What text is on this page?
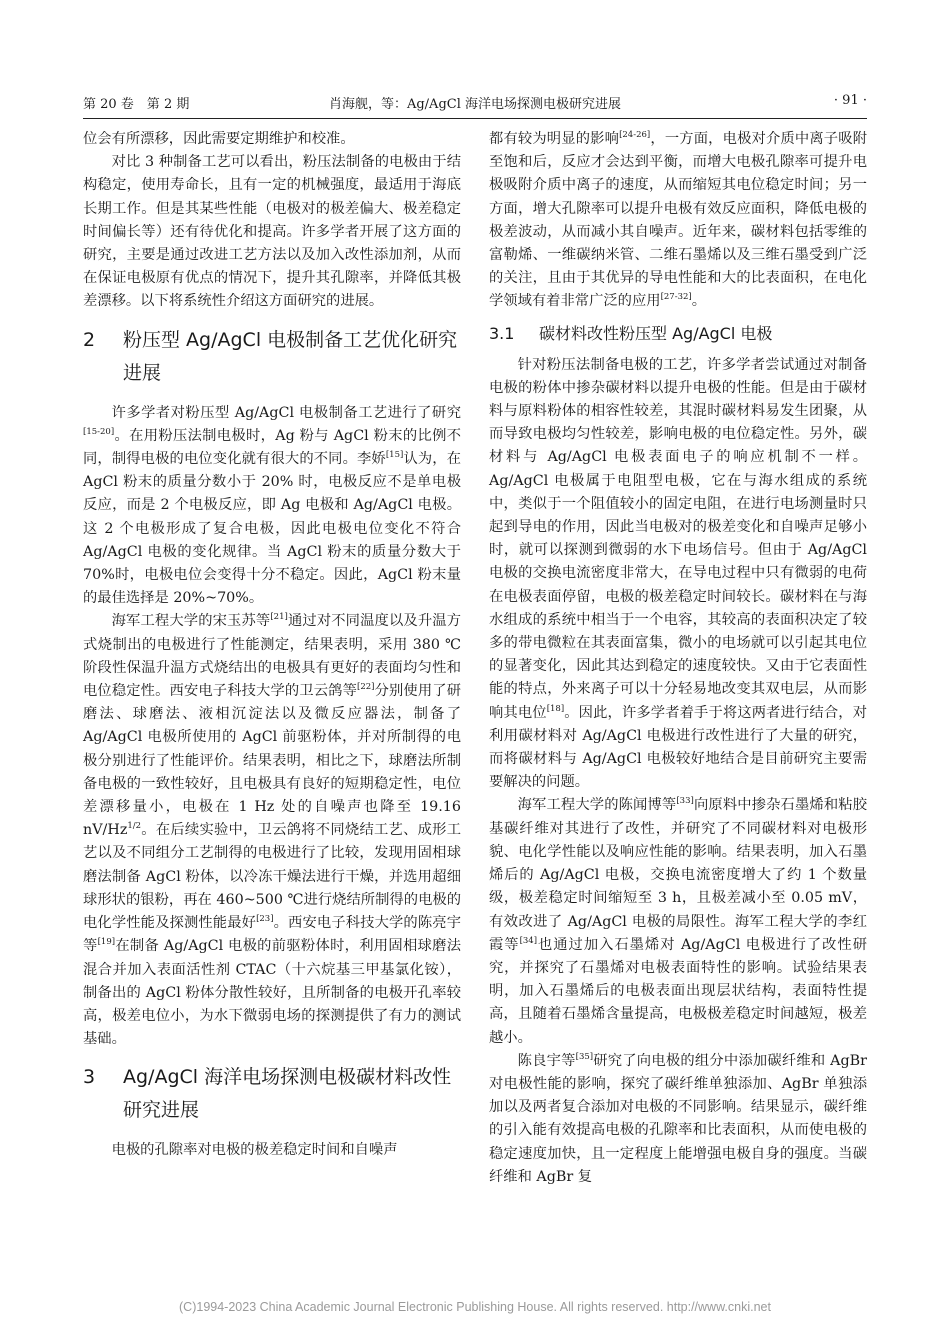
肖海舰，等：Ag/AgCl 海洋电场探测电极研究进展
第 20 卷　第 2 期	· 91 ·

位会有所漂移，因此需要定期维护和校准。

对比 3 种制备工艺可以看出，粉压法制备的电极由于结构稳定，使用寿命长，且有一定的机械强度，最适用于海底长期工作。但是其某些性能（电极对的极差偏大、极差稳定时间偏长等）还有待优化和提高。许多学者开展了这方面的研究，主要是通过改进工艺方法以及加入改性添加剂，从而在保证电极原有优点的情况下，提升其孔隙率，并降低其极差漂移。以下将系统性介绍这方面研究的进展。

2	粉压型 Ag/AgCl 电极制备工艺优化研究进展

许多学者对粉压型 Ag/AgCl 电极制备工艺进行了研究[15-20]。在用粉压法制电极时，Ag 粉与 AgCl 粉末的比例不同，制得电极的电位变化就有很大的不同。李娇[15]认为，在 AgCl 粉末的质量分数小于 20% 时，电极反应不是单电极反应，而是 2 个电极反应，即 Ag 电极和 Ag/AgCl 电极。这 2 个电极形成了复合电极，因此电极电位变化不符合 Ag/AgCl 电极的变化规律。当 AgCl 粉末的质量分数大于 70%时，电极电位会变得十分不稳定。因此，AgCl 粉末量的最佳选择是 20%~70%。

海军工程大学的宋玉苏等[21]通过对不同温度以及升温方式烧制出的电极进行了性能测定，结果表明，采用 380 ℃阶段性保温升温方式烧结出的电极具有更好的表面均匀性和电位稳定性。西安电子科技大学的卫云鸽等[22]分别使用了研磨法、球磨法、液相沉淀法以及微反应器法，制备了 Ag/AgCl 电极所使用的 AgCl 前驱粉体，并对所制得的电极分别进行了性能评价。结果表明，相比之下，球磨法所制备电极的一致性较好，且电极具有良好的短期稳定性，电位差漂移量小，电极在 1 Hz 处的自噪声也降至 19.16 $nV/Hz^{1/2}$。在后续实验中，卫云鸽将不同烧结工艺、成形工艺以及不同组分工艺制得的电极进行了比较，发现用固相球磨法制备 AgCl 粉体，以冷冻干燥法进行干燥，并选用超细球形状的银粉，再在 460~500 ℃进行烧结所制得的电极的电化学性能及探测性能最好[23]。西安电子科技大学的陈亮宇等[19]在制备 Ag/AgCl 电极的前驱粉体时，利用固相球磨法混合并加入表面活性剂 CTAC（十六烷基三甲基氯化铵），制备出的 AgCl 粉体分散性较好，且所制备的电极开孔率较高，极差电位小，为水下微弱电场的探测提供了有力的测试基础。

3	Ag/AgCl 海洋电场探测电极碳材料改性研究进展

电极的孔隙率对电极的极差稳定时间和自噪声

都有较为明显的影响[24-26]，一方面，电极对介质中离子吸附至饱和后，反应才会达到平衡，而增大电极孔隙率可提升电极吸附介质中离子的速度，从而缩短其电位稳定时间；另一方面，增大孔隙率可以提升电极有效反应面积，降低电极的极差波动，从而减小其自噪声。近年来，碳材料包括零维的富勒烯、一维碳纳米管、二维石墨烯以及三维石墨受到广泛的关注，且由于其优异的导电性能和大的比表面积，在电化学领域有着非常广泛的应用[27-32]。

3.1	碳材料改性粉压型 Ag/AgCl 电极

针对粉压法制备电极的工艺，许多学者尝试通过对制备电极的粉体中掺杂碳材料以提升电极的性能。但是由于碳材料与原料粉体的相容性较差，其混时碳材料易发生团聚，从而导致电极均匀性较差，影响电极的电位稳定性。另外，碳材料与 Ag/AgCl 电极表面电子的响应机制不一样。Ag/AgCl 电极属于电阻型电极，它在与海水组成的系统中，类似于一个阻值较小的固定电阻，在进行电场测量时只起到导电的作用，因此当电极对的极差变化和自噪声足够小时，就可以探测到微弱的水下电场信号。但由于 Ag/AgCl 电极的交换电流密度非常大，在导电过程中只有微弱的电荷在电极表面停留，电极的极差稳定时间较长。碳材料在与海水组成的系统中相当于一个电容，其较高的表面积决定了较多的带电微粒在其表面富集，微小的电场就可以引起其电位的显著变化，因此其达到稳定的速度较快。又由于它表面性能的特点，外来离子可以十分轻易地改变其双电层，从而影响其电位[18]。因此，许多学者着手于将这两者进行结合，对利用碳材料对 Ag/AgCl 电极进行改性进行了大量的研究，而将碳材料与 Ag/AgCl 电极较好地结合是目前研究主要需要解决的问题。

海军工程大学的陈闻博等[33]向原料中掺杂石墨烯和粘胶基碳纤维对其进行了改性，并研究了不同碳材料对电极形貌、电化学性能以及响应性能的影响。结果表明，加入石墨烯后的 Ag/AgCl 电极，交换电流密度增大了约 1 个数量级，极差稳定时间缩短至 3 h，且极差减小至 0.05 mV，有效改进了 Ag/AgCl 电极的局限性。海军工程大学的李红霞等[34]也通过加入石墨烯对 Ag/AgCl 电极进行了改性研究，并探究了石墨烯对电极表面特性的影响。试验结果表明，加入石墨烯后的电极表面出现层状结构，表面特性提高，且随着石墨烯含量提高，电极极差稳定时间越短，极差越小。

陈良宇等[35]研究了向电极的组分中添加碳纤维和 AgBr 对电极性能的影响，探究了碳纤维单独添加、AgBr 单独添加以及两者复合添加对电极的不同影响。结果显示，碳纤维的引入能有效提高电极的孔隙率和比表面积，从而使电极的稳定速度加快，且一定程度上能增强电极自身的强度。当碳纤维和 AgBr 复

(C)1994-2023 China Academic Journal Electronic Publishing House. All rights reserved. http://www.cnki.net
